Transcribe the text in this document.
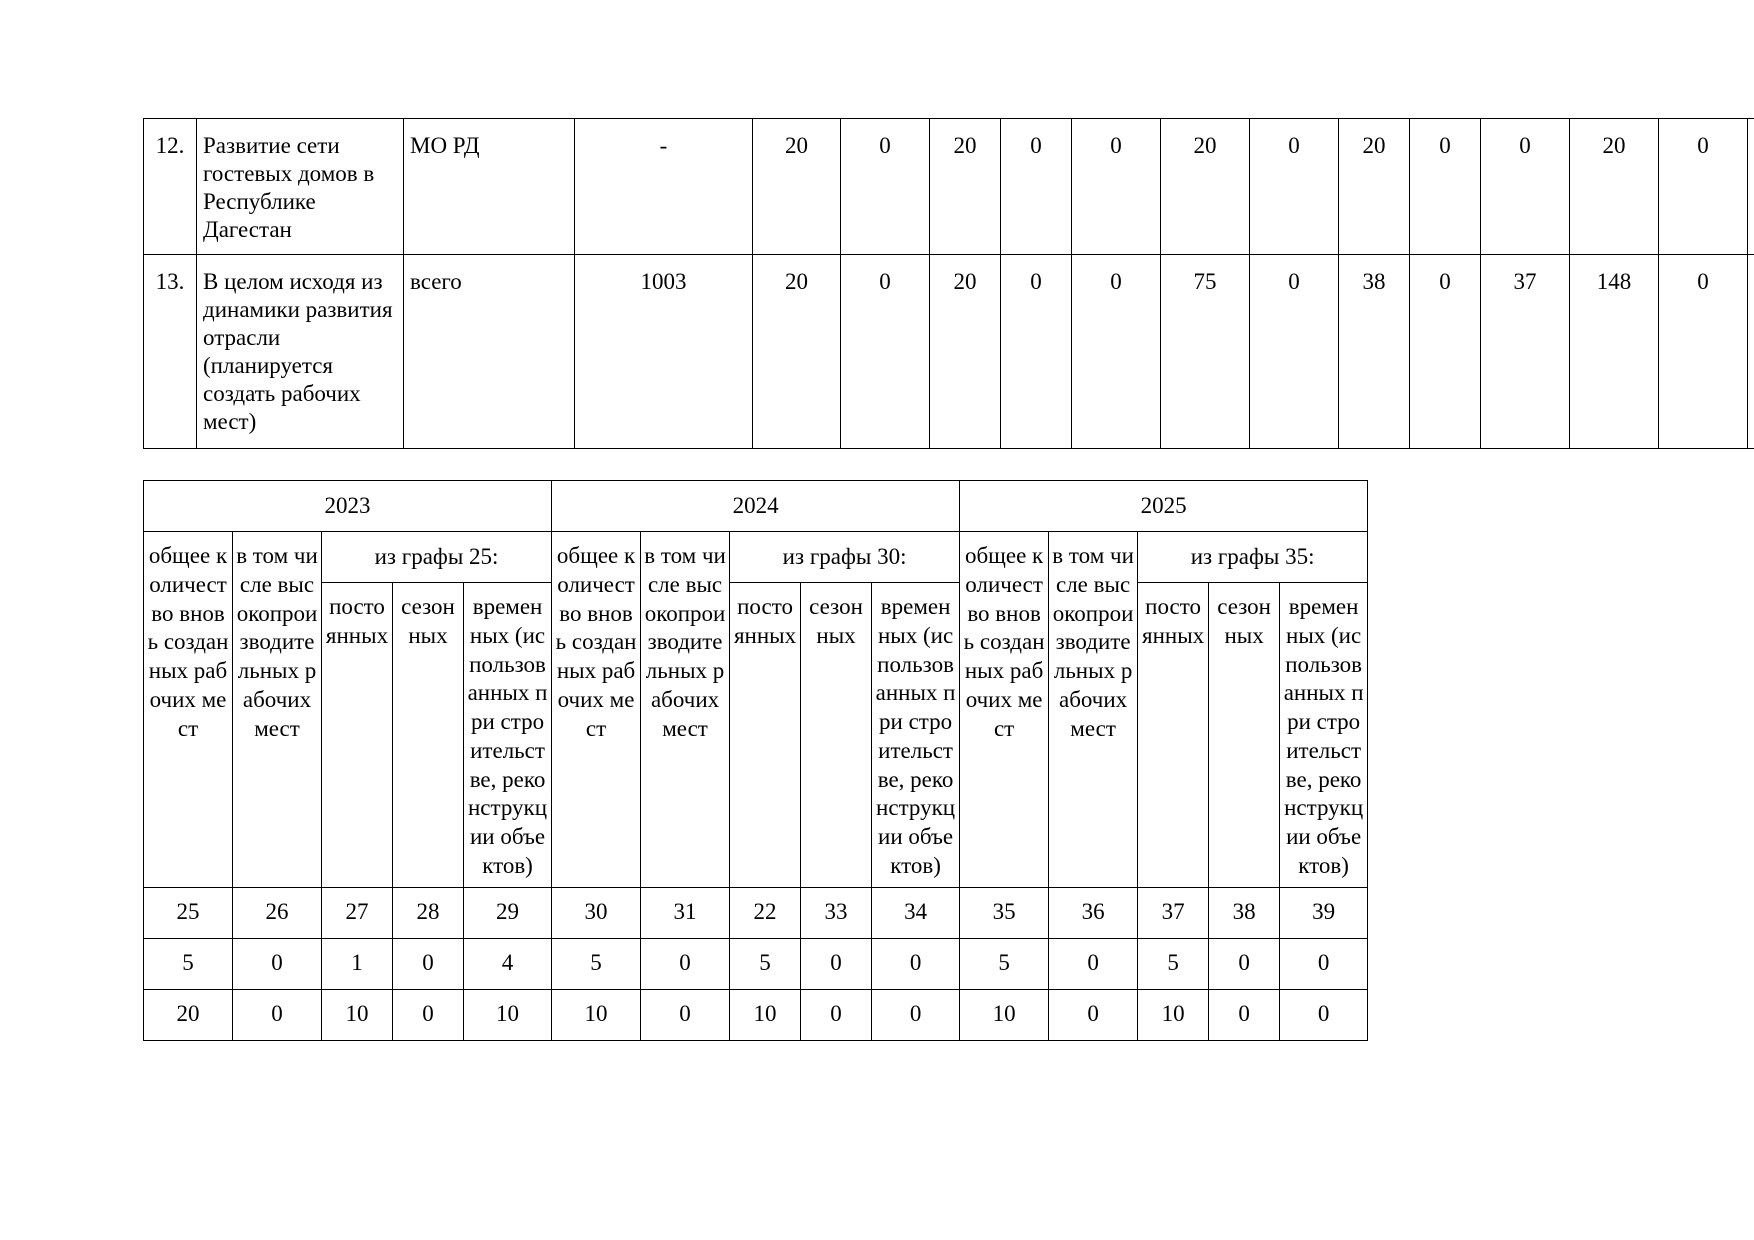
12.	Развитие сети гостевых домов в Республике Дагестан	МО РД	-	20	0	20	0	0	20	0	20	0	0	20	0	
13.	В целом исходя из динамики развития отрасли (планируется создать рабочих мест)	всего	1003	20	0	20	0	0	75	0	38	0	37	148	0	
2023					2024					2025				
общее количество вновь созданных рабочих мест	в том числе высокопроизводительных рабочих мест	из графы 25:			общее количество вновь созданных рабочих мест	в том числе высокопроизводительных рабочих мест	из графы 30:			общее количество вновь созданных рабочих мест	в том числе высокопроизводительных рабочих мест	из графы 35:		
		постоянных	сезонных	временных (использованных при строительстве, реконструкции объектов)			постоянных	сезонных	временных (использованных при строительстве, реконструкции объектов)			постоянных	сезонных	временных (использованных при строительстве, реконструкции объектов)
25	26	27	28	29	30	31	22	33	34	35	36	37	38	39
5	0	1	0	4	5	0	5	0	0	5	0	5	0	0
20	0	10	0	10	10	0	10	0	0	10	0	10	0	0
